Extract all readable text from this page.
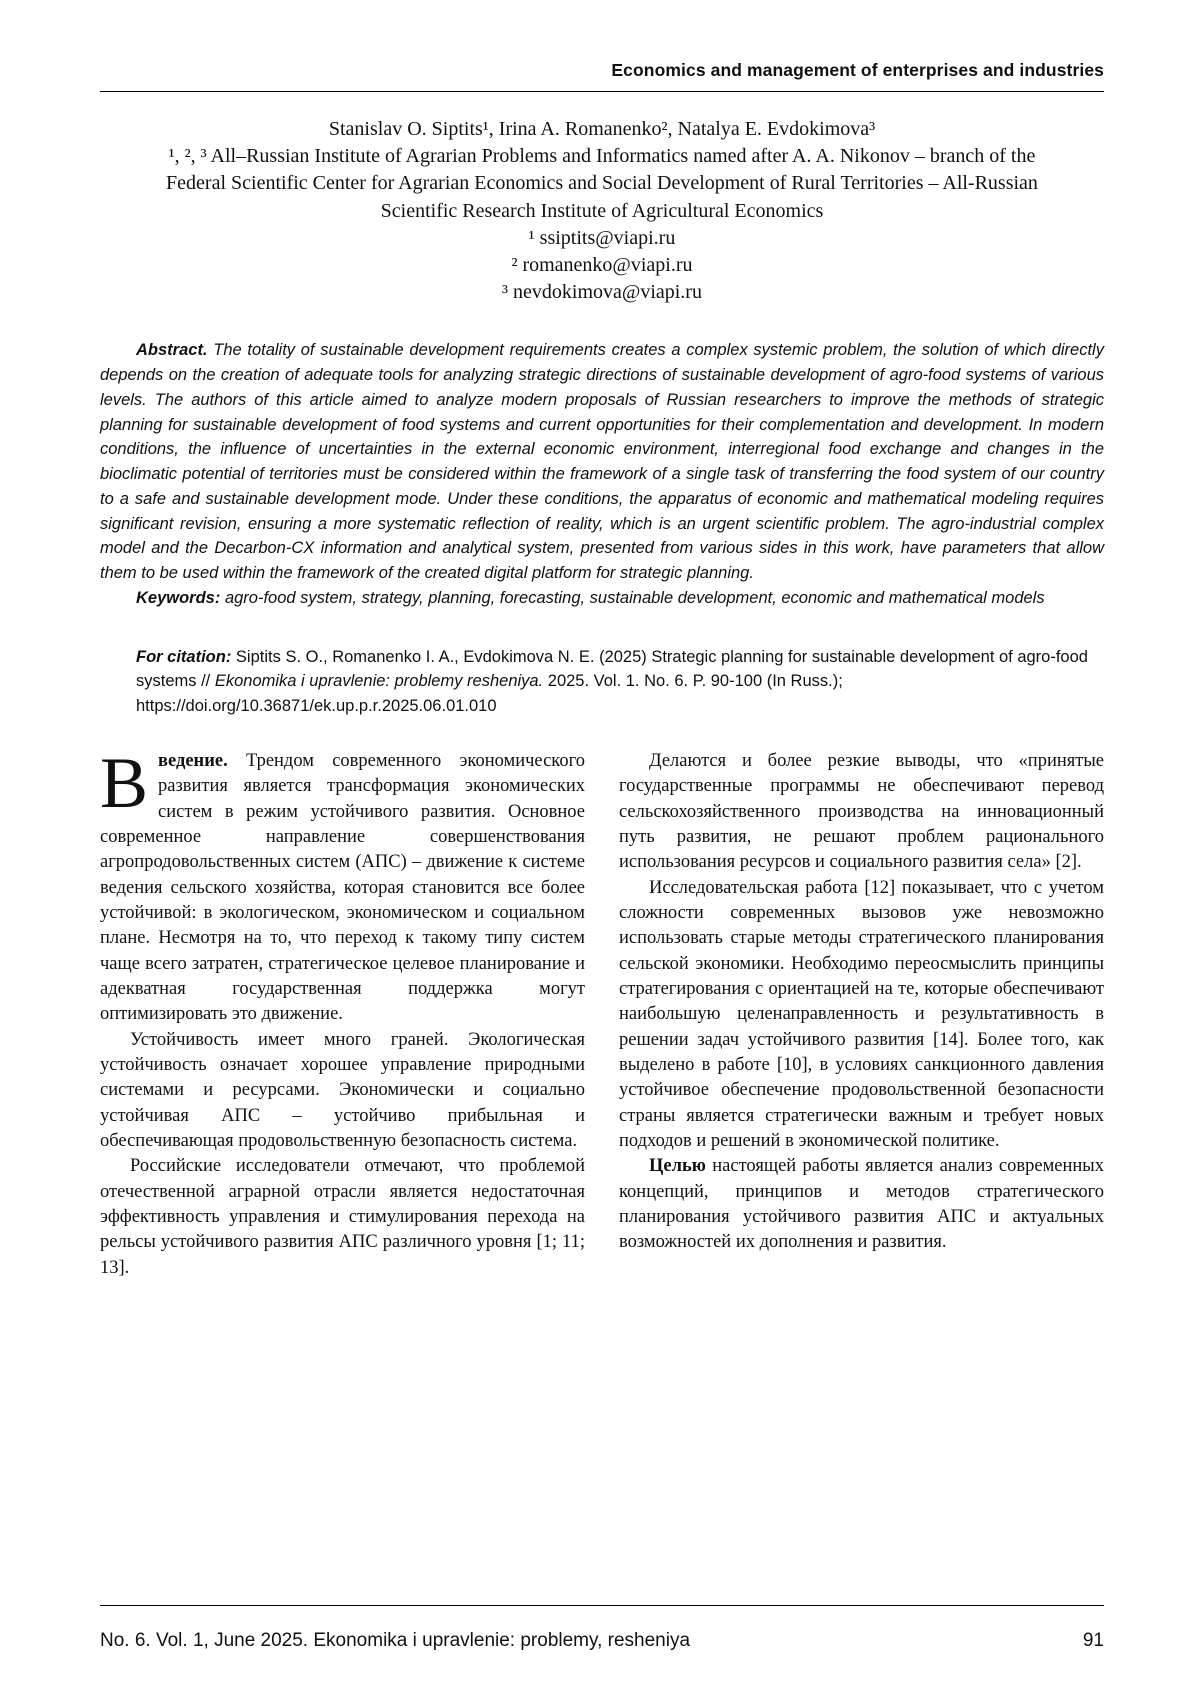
Economics and management of enterprises and industries
Stanislav O. Siptits¹, Irina A. Romanenko², Natalya E. Evdokimova³
¹, ², ³ All–Russian Institute of Agrarian Problems and Informatics named after A. A. Nikonov – branch of the Federal Scientific Center for Agrarian Economics and Social Development of Rural Territories – All-Russian Scientific Research Institute of Agricultural Economics
¹ ssiptits@viapi.ru
² romanenko@viapi.ru
³ nevdokimova@viapi.ru

Abstract. The totality of sustainable development requirements creates a complex systemic problem, the solution of which directly depends on the creation of adequate tools for analyzing strategic directions of sustainable development of agro-food systems of various levels. The authors of this article aimed to analyze modern proposals of Russian researchers to improve the methods of strategic planning for sustainable development of food systems and current opportunities for their complementation and development. In modern conditions, the influence of uncertainties in the external economic environment, interregional food exchange and changes in the bioclimatic potential of territories must be considered within the framework of a single task of transferring the food system of our country to a safe and sustainable development mode. Under these conditions, the apparatus of economic and mathematical modeling requires significant revision, ensuring a more systematic reflection of reality, which is an urgent scientific problem. The agro-industrial complex model and the Decarbon-CX information and analytical system, presented from various sides in this work, have parameters that allow them to be used within the framework of the created digital platform for strategic planning.

Keywords: agro-food system, strategy, planning, forecasting, sustainable development, economic and mathematical models

For citation: Siptits S. O., Romanenko I. A., Evdokimova N. E. (2025) Strategic planning for sustainable development of agro-food systems // Ekonomika i upravlenie: problemy resheniya. 2025. Vol. 1. No. 6. P. 90-100 (In Russ.); https://doi.org/10.36871/ek.up.p.r.2025.06.01.010

Введение. Трендом современного экономического развития является трансформация экономических систем в режим устойчивого развития. Основное современное направление совершенствования агропродовольственных систем (АПС) – движение к системе ведения сельского хозяйства, которая становится все более устойчивой: в экологическом, экономическом и социальном плане. Несмотря на то, что переход к такому типу систем чаще всего затратен, стратегическое целевое планирование и адекватная государственная поддержка могут оптимизировать это движение.

Устойчивость имеет много граней. Экологическая устойчивость означает хорошее управление природными системами и ресурсами. Экономически и социально устойчивая АПС – устойчиво прибыльная и обеспечивающая продовольственную безопасность система.

Российские исследователи отмечают, что проблемой отечественной аграрной отрасли является недостаточная эффективность управления и стимулирования перехода на рельсы устойчивого развития АПС различного уровня [1; 11; 13].

Делаются и более резкие выводы, что «принятые государственные программы не обеспечивают перевод сельскохозяйственного производства на инновационный путь развития, не решают проблем рационального использования ресурсов и социального развития села» [2].

Исследовательская работа [12] показывает, что с учетом сложности современных вызовов уже невозможно использовать старые методы стратегического планирования сельской экономики. Необходимо переосмыслить принципы стратегирования с ориентацией на те, которые обеспечивают наибольшую целенаправленность и результативность в решении задач устойчивого развития [14]. Более того, как выделено в работе [10], в условиях санкционного давления устойчивое обеспечение продовольственной безопасности страны является стратегически важным и требует новых подходов и решений в экономической политике.

Целью настоящей работы является анализ современных концепций, принципов и методов стратегического планирования устойчивого развития АПС и актуальных возможностей их дополнения и развития.

No. 6. Vol. 1, June 2025. Ekonomika i upravlenie: problemy, resheniya	91
